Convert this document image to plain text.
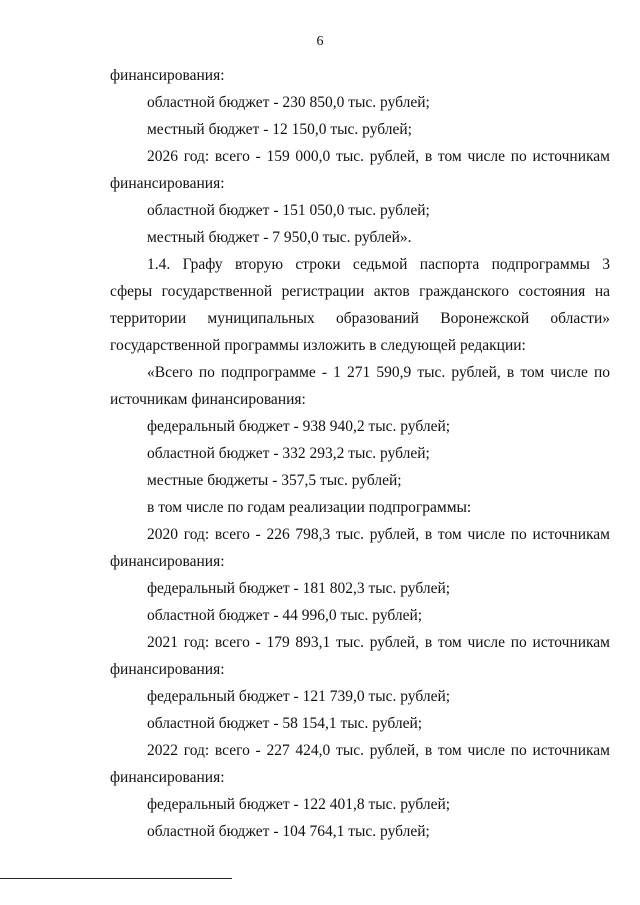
6
финансирования:
областной бюджет - 230 850,0 тыс. рублей;
местный бюджет - 12 150,0 тыс. рублей;
2026 год: всего - 159 000,0 тыс. рублей, в том числе по источникам
финансирования:
областной бюджет - 151 050,0 тыс. рублей;
местный бюджет - 7 950,0 тыс. рублей».
1.4. Графу вторую строки седьмой паспорта подпрограммы 3
сферы государственной регистрации актов гражданского состояния на
территории муниципальных образований Воронежской области»
государственной программы изложить в следующей редакции:
«Всего по подпрограмме - 1 271 590,9 тыс. рублей, в том числе по
источникам финансирования:
федеральный бюджет - 938 940,2 тыс. рублей;
областной бюджет - 332 293,2 тыс. рублей;
местные бюджеты - 357,5 тыс. рублей;
в том числе по годам реализации подпрограммы:
2020 год: всего - 226 798,3 тыс. рублей, в том числе по источникам
финансирования:
федеральный бюджет - 181 802,3 тыс. рублей;
областной бюджет - 44 996,0 тыс. рублей;
2021 год: всего - 179 893,1 тыс. рублей, в том числе по источникам
финансирования:
федеральный бюджет - 121 739,0 тыс. рублей;
областной бюджет - 58 154,1 тыс. рублей;
2022 год: всего - 227 424,0 тыс. рублей, в том числе по источникам
финансирования:
федеральный бюджет - 122 401,8 тыс. рублей;
областной бюджет - 104 764,1 тыс. рублей;
